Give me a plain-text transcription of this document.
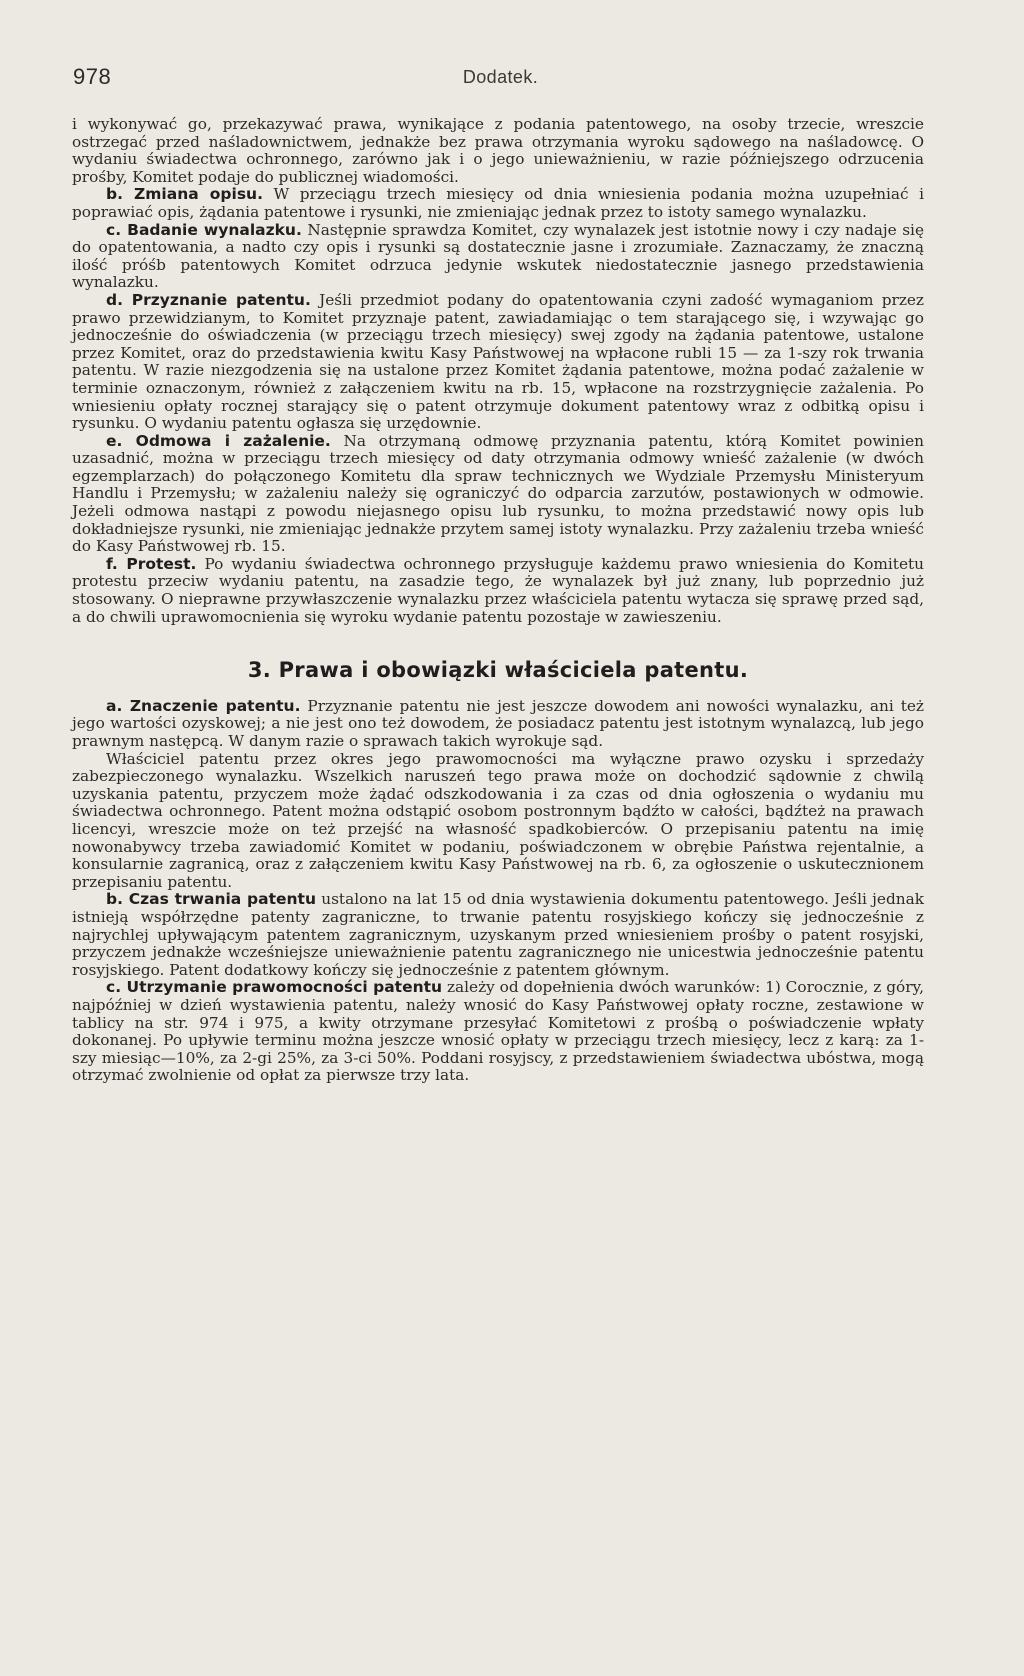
978	Dodatek.

i wykonywać go, przekazywać prawa, wynikające z podania patentowego, na osoby trzecie, wreszcie ostrzegać przed naśladownictwem, jednakże bez prawa otrzymania wyroku sądowego na naśladowcę. O wydaniu świadectwa ochronnego, zarówno jak i o jego unieważnieniu, w razie późniejszego odrzucenia prośby, Komitet podaje do publicznej wiadomości.

b. Zmiana opisu. W przeciągu trzech miesięcy od dnia wniesienia podania można uzupełniać i poprawiać opis, żądania patentowe i rysunki, nie zmieniając jednak przez to istoty samego wynalazku.

c. Badanie wynalazku. Następnie sprawdza Komitet, czy wynalazek jest istotnie nowy i czy nadaje się do opatentowania, a nadto czy opis i rysunki są dostatecznie jasne i zrozumiałe. Zaznaczamy, że znaczną ilość próśb patentowych Komitet odrzuca jedynie wskutek niedostatecznie jasnego przedstawienia wynalazku.

d. Przyznanie patentu. Jeśli przedmiot podany do opatentowania czyni zadość wymaganiom przez prawo przewidzianym, to Komitet przyznaje patent, zawiadamiając o tem starającego się, i wzywając go jednocześnie do oświadczenia (w przeciągu trzech miesięcy) swej zgody na żądania patentowe, ustalone przez Komitet, oraz do przedstawienia kwitu Kasy Państwowej na wpłacone rubli 15 — za 1-szy rok trwania patentu. W razie niezgodzenia się na ustalone przez Komitet żądania patentowe, można podać zażalenie w terminie oznaczonym, również z załączeniem kwitu na rb. 15, wpłacone na rozstrzygnięcie zażalenia. Po wniesieniu opłaty rocznej starający się o patent otrzymuje dokument patentowy wraz z odbitką opisu i rysunku. O wydaniu patentu ogłasza się urzędownie.

e. Odmowa i zażalenie. Na otrzymaną odmowę przyznania patentu, którą Komitet powinien uzasadnić, można w przeciągu trzech miesięcy od daty otrzymania odmowy wnieść zażalenie (w dwóch egzemplarzach) do połączonego Komitetu dla spraw technicznych we Wydziale Przemysłu Ministeryum Handlu i Przemysłu; w zażaleniu należy się ograniczyć do odparcia zarzutów, postawionych w odmowie. Jeżeli odmowa nastąpi z powodu niejasnego opisu lub rysunku, to można przedstawić nowy opis lub dokładniejsze rysunki, nie zmieniając jednakże przytem samej istoty wynalazku. Przy zażaleniu trzeba wnieść do Kasy Państwowej rb. 15.

f. Protest. Po wydaniu świadectwa ochronnego przysługuje każdemu prawo wniesienia do Komitetu protestu przeciw wydaniu patentu, na zasadzie tego, że wynalazek był już znany, lub poprzednio już stosowany. O nieprawne przywłaszczenie wynalazku przez właściciela patentu wytacza się sprawę przed sąd, a do chwili uprawomocnienia się wyroku wydanie patentu pozostaje w zawieszeniu.

3. Prawa i obowiązki właściciela patentu.

a. Znaczenie patentu. Przyznanie patentu nie jest jeszcze dowodem ani nowości wynalazku, ani też jego wartości ozyskowej; a nie jest ono też dowodem, że posiadacz patentu jest istotnym wynalazcą, lub jego prawnym następcą. W danym razie o sprawach takich wyrokuje sąd.

Właściciel patentu przez okres jego prawomocności ma wyłączne prawo ozysku i sprzedaży zabezpieczonego wynalazku. Wszelkich naruszeń tego prawa może on dochodzić sądownie z chwilą uzyskania patentu, przyczem może żądać odszkodowania i za czas od dnia ogłoszenia o wydaniu mu świadectwa ochronnego. Patent można odstąpić osobom postronnym bądźto w całości, bądźteż na prawach licencyi, wreszcie może on też przejść na własność spadkobierców. O przepisaniu patentu na imię nowonabywcy trzeba zawiadomić Komitet w podaniu, poświadczonem w obrębie Państwa rejentalnie, a konsularnie zagranicą, oraz z załączeniem kwitu Kasy Państwowej na rb. 6, za ogłoszenie o uskutecznionem przepisaniu patentu.

b. Czas trwania patentu ustalono na lat 15 od dnia wystawienia dokumentu patentowego. Jeśli jednak istnieją współrzędne patenty zagraniczne, to trwanie patentu rosyjskiego kończy się jednocześnie z najrychlej upływającym patentem zagranicznym, uzyskanym przed wniesieniem prośby o patent rosyjski, przyczem jednakże wcześniejsze unieważnienie patentu zagranicznego nie unicestwia jednocześnie patentu rosyjskiego. Patent dodatkowy kończy się jednocześnie z patentem głównym.

c. Utrzymanie prawomocności patentu zależy od dopełnienia dwóch warunków: 1) Corocznie, z góry, najpóźniej w dzień wystawienia patentu, należy wnosić do Kasy Państwowej opłaty roczne, zestawione w tablicy na str. 974 i 975, a kwity otrzymane przesyłać Komitetowi z prośbą o poświadczenie wpłaty dokonanej. Po upływie terminu można jeszcze wnosić opłaty w przeciągu trzech miesięcy, lecz z karą: za 1-szy miesiąc—10%, za 2-gi 25%, za 3-ci 50%. Poddani rosyjscy, z przedstawieniem świadectwa ubóstwa, mogą otrzymać zwolnienie od opłat za pierwsze trzy lata.
